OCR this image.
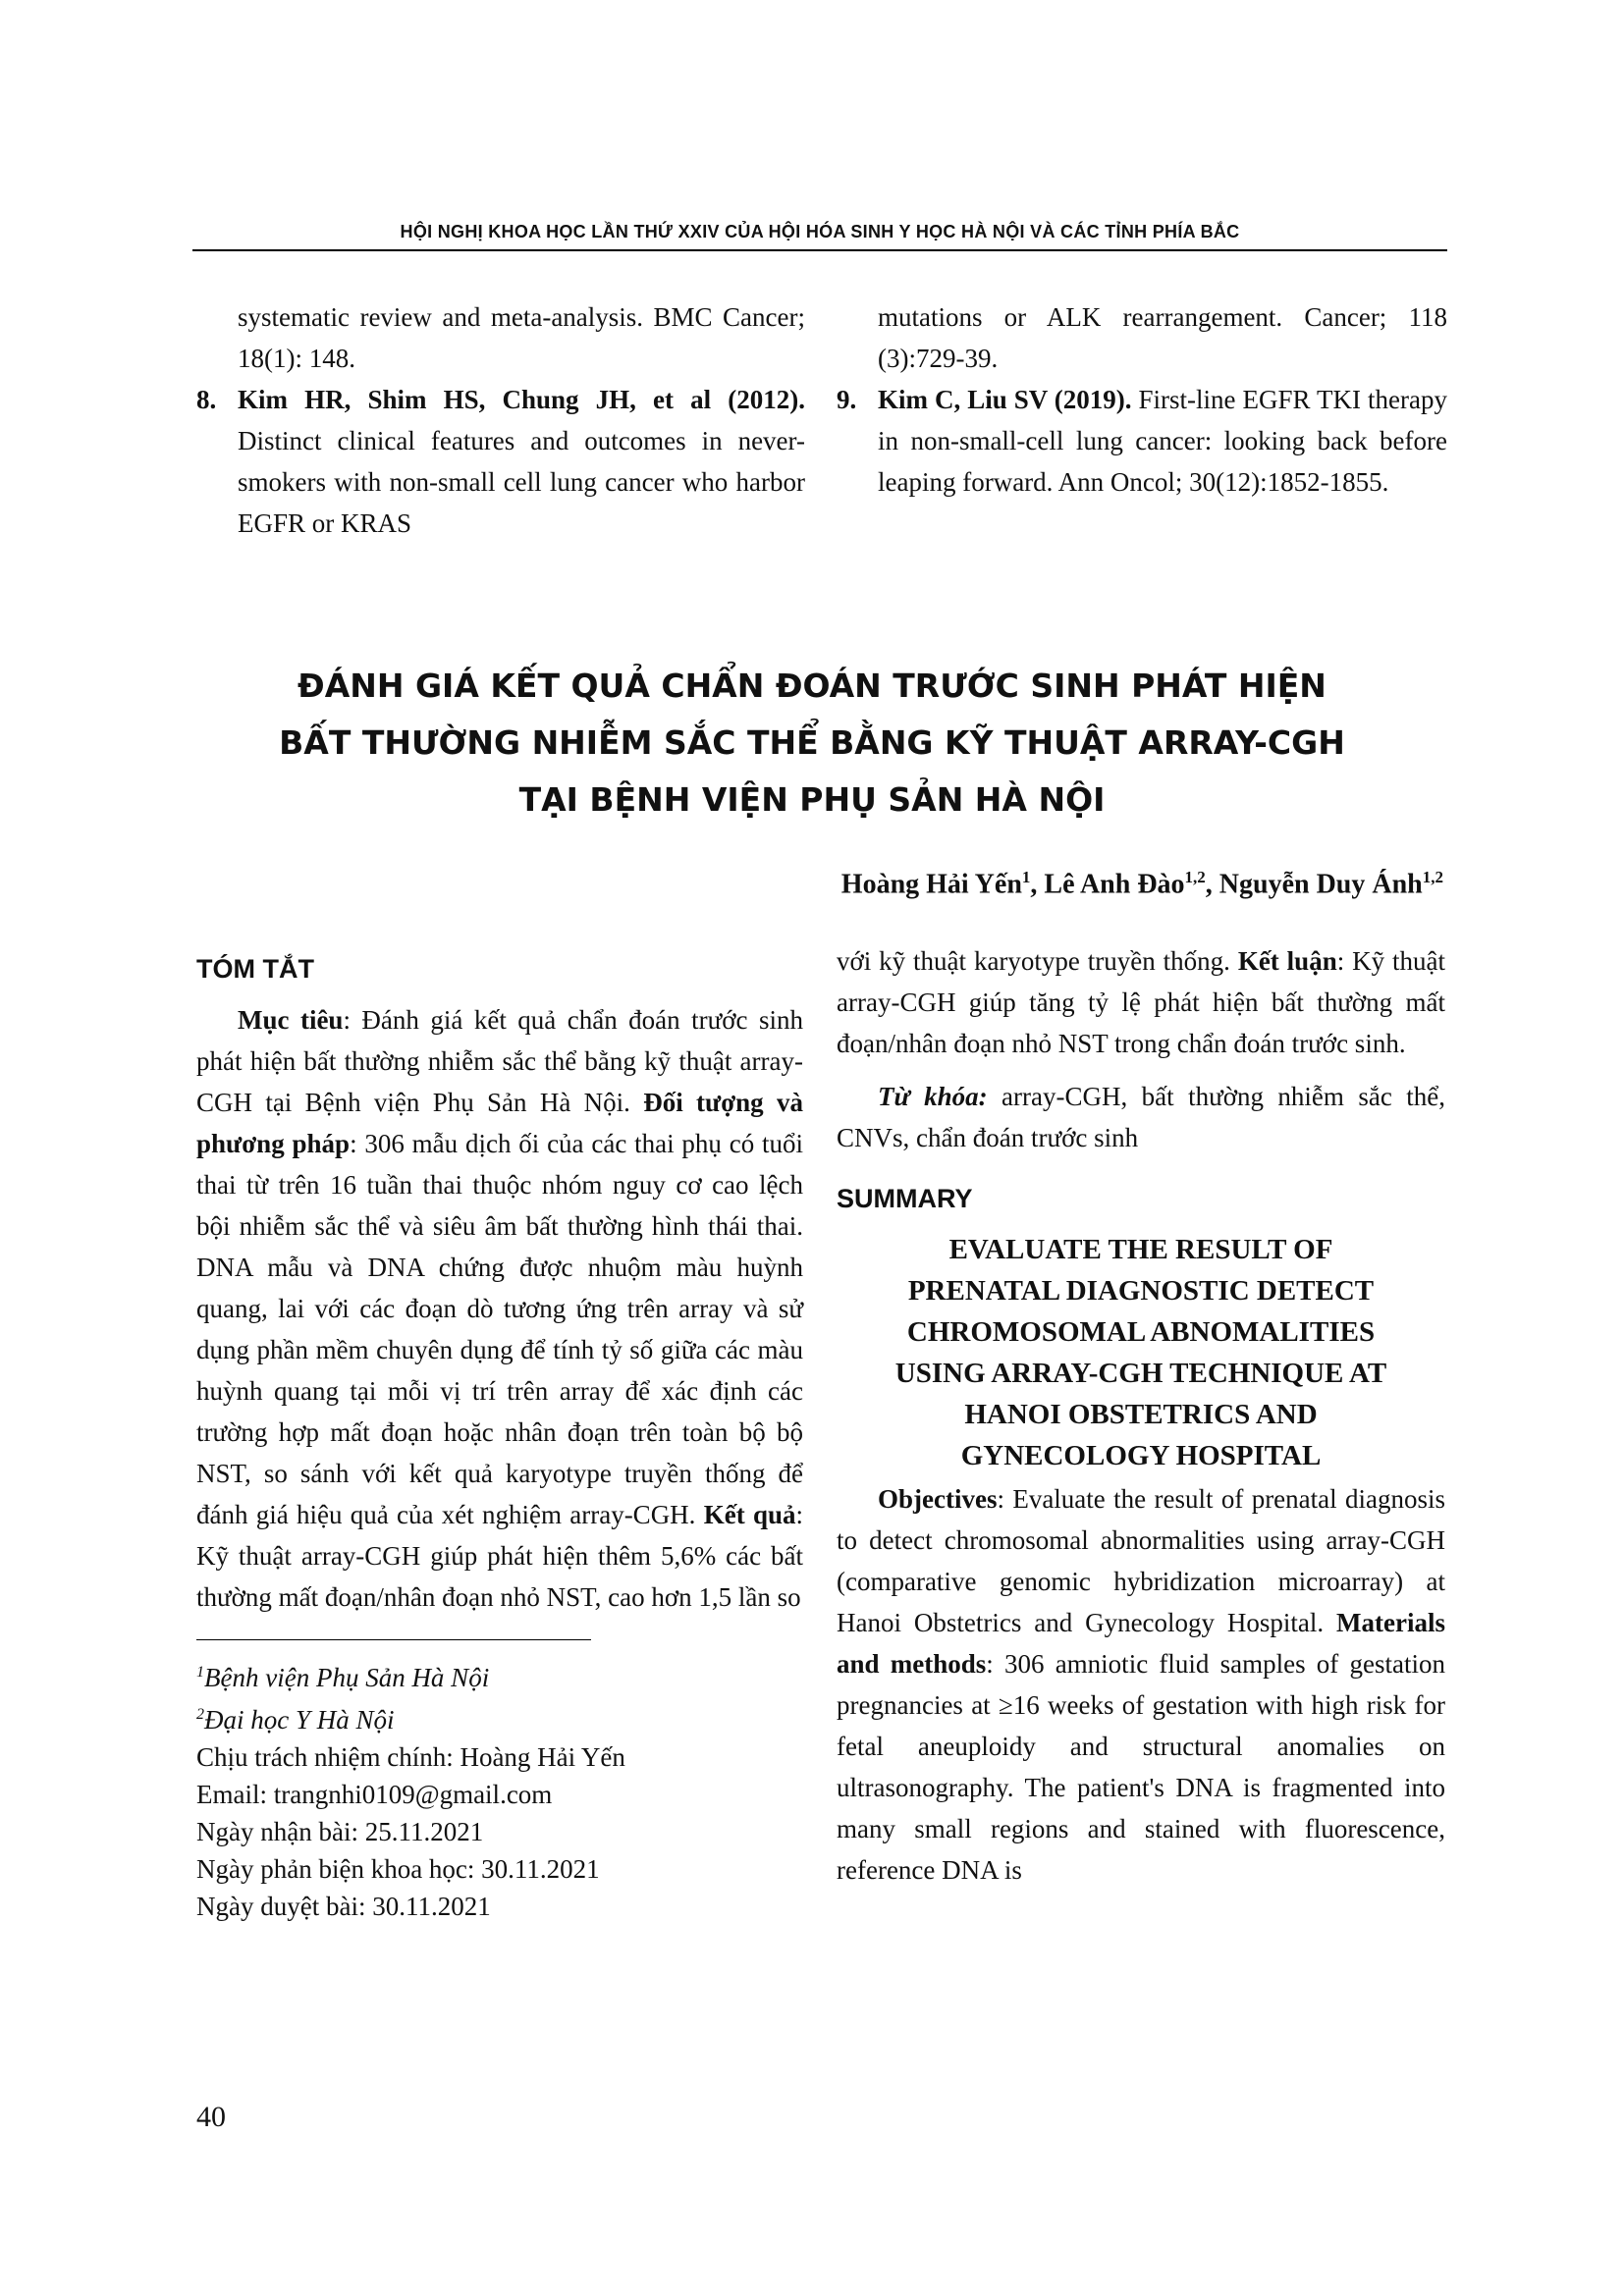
HỘI NGHỊ KHOA HỌC LẦN THỨ XXIV CỦA HỘI HÓA SINH Y HỌC HÀ NỘI VÀ CÁC TỈNH PHÍA BẮC
systematic review and meta-analysis. BMC Cancer; 18(1): 148.
8. Kim HR, Shim HS, Chung JH, et al (2012). Distinct clinical features and outcomes in never-smokers with non-small cell lung cancer who harbor EGFR or KRAS
mutations or ALK rearrangement. Cancer; 118 (3):729-39.
9. Kim C, Liu SV (2019). First-line EGFR TKI therapy in non-small-cell lung cancer: looking back before leaping forward. Ann Oncol; 30(12):1852-1855.
ĐÁNH GIÁ KẾT QUẢ CHẨN ĐOÁN TRƯỚC SINH PHÁT HIỆN
BẤT THƯỜNG NHIỄM SẮC THỂ BẰNG KỸ THUẬT ARRAY-CGH
TẠI BỆNH VIỆN PHỤ SẢN HÀ NỘI
Hoàng Hải Yến$^1$, Lê Anh Đào$^{1,2}$, Nguyễn Duy Ánh$^{1,2}$
TÓM TẮT

Mục tiêu: Đánh giá kết quả chẩn đoán trước sinh phát hiện bất thường nhiễm sắc thể bằng kỹ thuật array-CGH tại Bệnh viện Phụ Sản Hà Nội. Đối tượng và phương pháp: 306 mẫu dịch ối của các thai phụ có tuổi thai từ trên 16 tuần thai thuộc nhóm nguy cơ cao lệch bội nhiễm sắc thể và siêu âm bất thường hình thái thai. DNA mẫu và DNA chứng được nhuộm màu huỳnh quang, lai với các đoạn dò tương ứng trên array và sử dụng phần mềm chuyên dụng để tính tỷ số giữa các màu huỳnh quang tại mỗi vị trí trên array để xác định các trường hợp mất đoạn hoặc nhân đoạn trên toàn bộ bộ NST, so sánh với kết quả karyotype truyền thống để đánh giá hiệu quả của xét nghiệm array-CGH. Kết quả: Kỹ thuật array-CGH giúp phát hiện thêm 5,6% các bất thường mất đoạn/nhân đoạn nhỏ NST, cao hơn 1,5 lần so

$^1$Bệnh viện Phụ Sản Hà Nội
$^2$Đại học Y Hà Nội
Chịu trách nhiệm chính: Hoàng Hải Yến
Email: trangnhi0109@gmail.com
Ngày nhận bài: 25.11.2021
Ngày phản biện khoa học: 30.11.2021
Ngày duyệt bài: 30.11.2021

với kỹ thuật karyotype truyền thống. Kết luận: Kỹ thuật array-CGH giúp tăng tỷ lệ phát hiện bất thường mất đoạn/nhân đoạn nhỏ NST trong chẩn đoán trước sinh.

Từ khóa: array-CGH, bất thường nhiễm sắc thể, CNVs, chẩn đoán trước sinh

SUMMARY
EVALUATE THE RESULT OF
PRENATAL DIAGNOSTIC DETECT
CHROMOSOMAL ABNOMALITIES
USING ARRAY-CGH TECHNIQUE AT
HANOI OBSTETRICS AND
GYNECOLOGY HOSPITAL

Objectives: Evaluate the result of prenatal diagnosis to detect chromosomal abnormalities using array-CGH (comparative genomic hybridization microarray) at Hanoi Obstetrics and Gynecology Hospital. Materials and methods: 306 amniotic fluid samples of gestation pregnancies at ≥16 weeks of gestation with high risk for fetal aneuploidy and structural anomalies on ultrasonography. The patient's DNA is fragmented into many small regions and stained with fluorescence, reference DNA is

40
